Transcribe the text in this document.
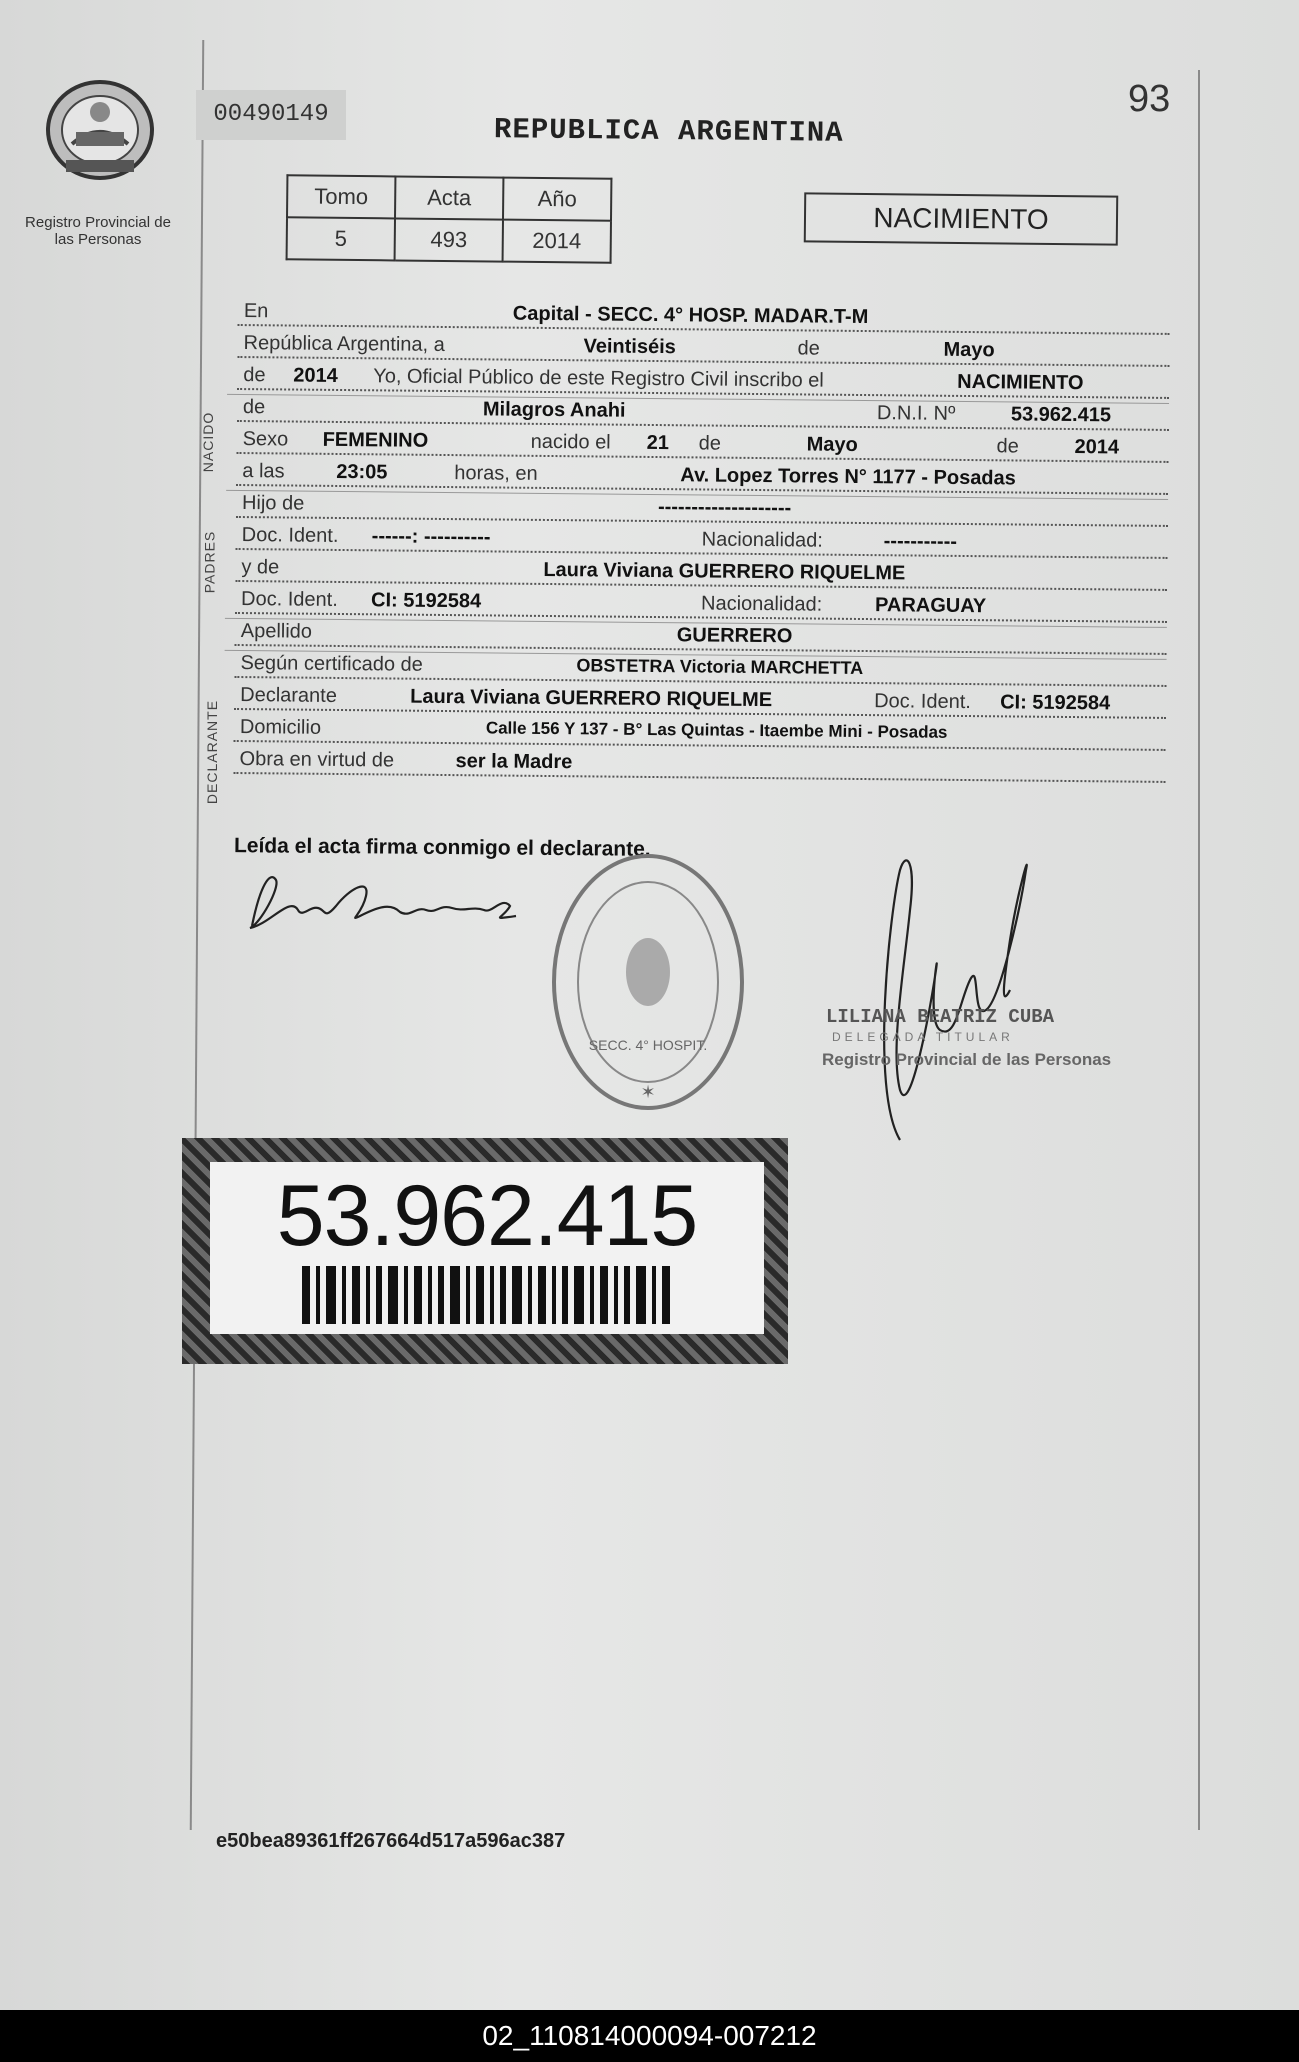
Registro Provincial de las Personas
00490149	93
REPUBLICA ARGENTINA
Tomo	Acta	Año
5	493	2014
NACIMIENTO
NACIDO
PADRES
DECLARANTE
En	Capital - SECC. 4° HOSP. MADAR.T-M
República Argentina, a	Veintiséis	de	Mayo
de 2014 Yo, Oficial Público de este Registro Civil inscribo el	NACIMIENTO
de	Milagros Anahi	D.N.I. Nº	53.962.415
Sexo FEMENINO	nacido el 21 de	Mayo	de	2014
a las	23:05	horas, en	Av. Lopez Torres N° 1177 - Posadas
Hijo de	--------------------
Doc. Ident. ------: ----------	Nacionalidad:	-----------
y de	Laura Viviana GUERRERO RIQUELME
Doc. Ident. CI: 5192584	Nacionalidad:	PARAGUAY
Apellido	GUERRERO
Según certificado de	OBSTETRA Victoria MARCHETTA
Declarante	Laura Viviana GUERRERO RIQUELME	Doc. Ident. CI: 5192584
Domicilio	Calle 156 Y 137 - B° Las Quintas - Itaembe Mini - Posadas
Obra en virtud de	ser la Madre
Leída el acta firma conmigo el declarante.
SECC. 4° HOSPIT.
✶
LILIANA BEATRIZ CUBA
DELEGADA TITULAR
Registro Provincial de las Personas
53.962.415
e50bea89361ff267664d517a596ac387
02_110814000094-007212
